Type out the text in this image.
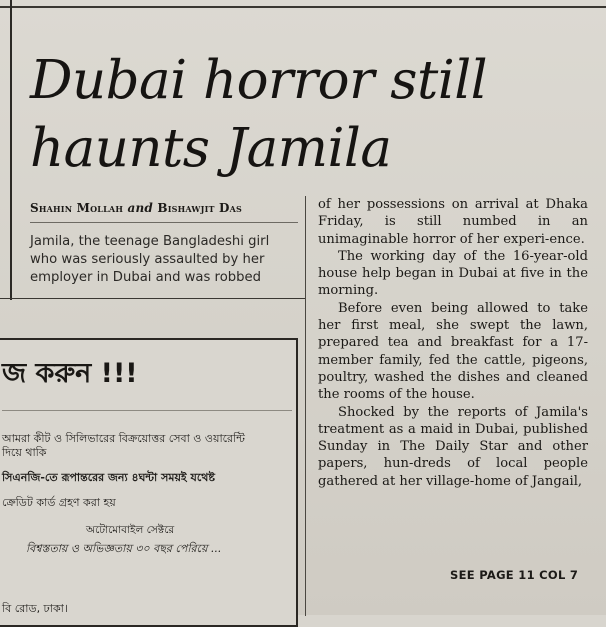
Dubai horror still
haunts Jamila
Shahin Mollah and Bishawjit Das
Jamila, the teenage Bangladeshi girl who was seriously assaulted by her employer in Dubai and was robbed

of her possessions on arrival at Dhaka Friday, is still numbed in an unimaginable horror of her experi-ence.

The working day of the 16-year-old house help began in Dubai at five in the morning.

Before even being allowed to take her first meal, she swept the lawn, prepared tea and breakfast for a 17-member family, fed the cattle, pigeons, poultry, washed the dishes and cleaned the rooms of the house.

Shocked by the reports of Jamila's treatment as a maid in Dubai, published Sunday in The Daily Star and other papers, hun-dreds of local people gathered at her village-home of Jangail,

SEE PAGE 11 COL 7
জ করুন !!!
আমরা কীট ও সিলিভারের বিক্রয়োত্তর সেবা ও ওয়ারেন্টি
দিয়ে থাকি
সিএনজি-তে রূপান্তরের জন্য ৪ঘন্টা সময়ই যথেষ্ট
ক্রেডিট কার্ড গ্রহণ করা হয়
অটোমোবাইল সেক্টরে
বিশ্বস্ততায় ও অভিজ্ঞতায় ৩০ বছর পেরিয়ে ...
বি রোড, ঢাকা।
